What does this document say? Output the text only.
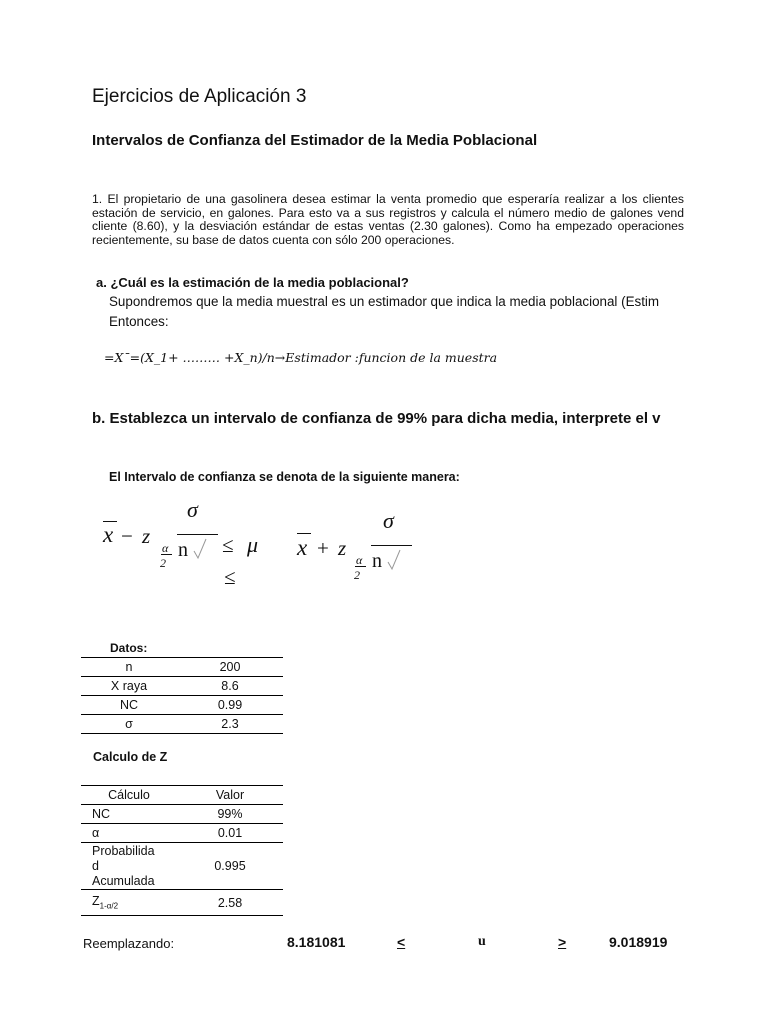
Ejercicios de Aplicación 3
Intervalos de Confianza del Estimador de la Media Poblacional
1. El propietario de una gasolinera desea estimar la venta promedio que esperaría realizar a los clientes estación de servicio, en galones. Para esto va a sus registros y calcula el número medio de galones vend cliente (8.60), y la desviación estándar de estas ventas (2.30 galones). Como ha empezado operaciones recientemente, su base de datos cuenta con sólo 200 operaciones.
a. ¿Cuál es la estimación de la media poblacional?
Supondremos que la media muestral es un estimador que indica la media poblacional (Estim
Entonces:
=X¯=(X_1+ ……… +X_n)/n→Estimador :funcion de la muestra
b. Establezca un intervalo de confianza de 99% para dicha media, interprete el v
El Intervalo de confianza se denota de la siguiente manera:
x − z α
2
σ
n ≤ μ
≤
x + z α
2
σ
n
Datos:
n	200
X raya	8.6
NC	0.99
σ	2.3
Calculo de Z
Cálculo	Valor
NC	99%
α	0.01

Probabilida
d
Acumulada	0.995
$Z_{1-\alpha/2}$	2.58
Reemplazando:	8.181081	<	u	>	9.018919
